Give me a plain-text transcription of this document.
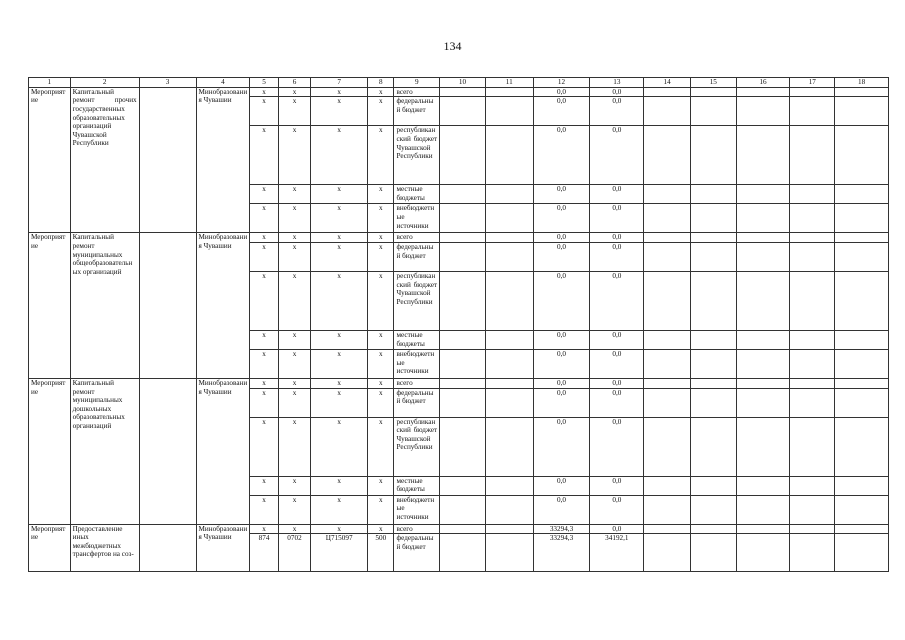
134
1	2	3	4	5	6	7	8	9	10	11	12	13	14	15	16	17	18
Мероприятие	Капитальный ремонт прочих государственных образовательных организаций Чувашской Республики		Минобразования Чувашии	x	x	x	x	всего			0,0	0,0					
				x	x	x	x	федеральный бюджет			0,0	0,0					
				x	x	x	x	республиканский бюджет Чувашской Республики			0,0	0,0					
				x	x	x	x	местные бюджеты			0,0	0,0					
				x	x	x	x	внебюджетные источники			0,0	0,0					
Мероприятие	Капитальный ремонт муниципальных общеобразовательных организаций		Минобразования Чувашии	x	x	x	x	всего			0,0	0,0					
				x	x	x	x	федеральный бюджет			0,0	0,0					
				x	x	x	x	республиканский бюджет Чувашской Республики			0,0	0,0					
				x	x	x	x	местные бюджеты			0,0	0,0					
				x	x	x	x	внебюджетные источники			0,0	0,0					
Мероприятие	Капитальный ремонт муниципальных дошкольных образовательных организаций		Минобразования Чувашии	x	x	x	x	всего			0,0	0,0					
				x	x	x	x	федеральный бюджет			0,0	0,0					
				x	x	x	x	республиканский бюджет Чувашской Республики			0,0	0,0					
				x	x	x	x	местные бюджеты			0,0	0,0					
				x	x	x	x	внебюджетные источники			0,0	0,0					
Мероприятие	Предоставление иных межбюджетных трансфертов на соз-		Минобразования Чувашии	x	x	x	x	всего			33294,3	0,0					
				874	0702	Ц715097	500	федеральный бюджет			33294,3	34192,1					
